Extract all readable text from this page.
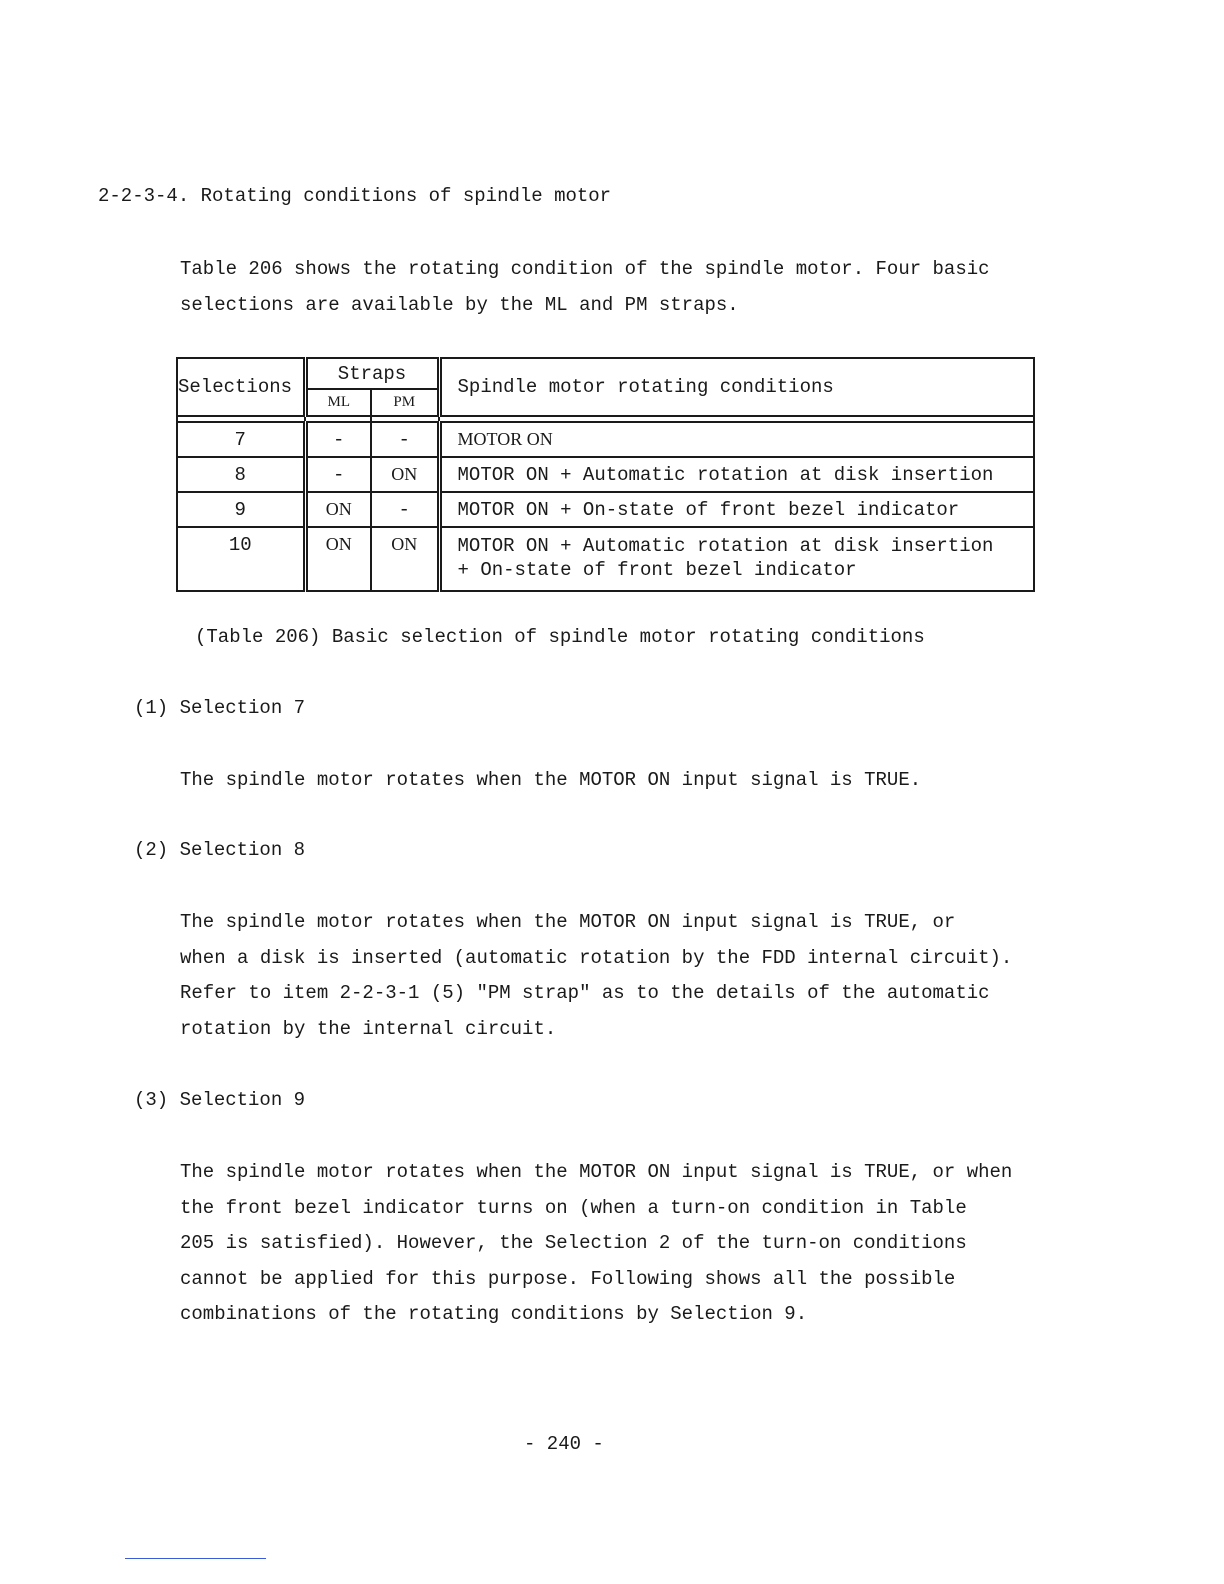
2-2-3-4. Rotating conditions of spindle motor
Table 206 shows the rotating condition of the spindle motor. Four basic
selections are available by the ML and PM straps.
Selections	Straps		Spindle motor rotating conditions
	ML	PM	

7	-	-	MOTOR ON
8	-	ON	MOTOR ON + Automatic rotation at disk insertion
9	ON	-	MOTOR ON + On-state of front bezel indicator
10	ON	ON	MOTOR ON + Automatic rotation at disk insertion
+ On-state of front bezel indicator
(Table 206) Basic selection of spindle motor rotating conditions
(1) Selection 7
The spindle motor rotates when the MOTOR ON input signal is TRUE.
(2) Selection 8
The spindle motor rotates when the MOTOR ON input signal is TRUE, or
when a disk is inserted (automatic rotation by the FDD internal circuit).
Refer to item 2-2-3-1 (5) "PM strap" as to the details of the automatic
rotation by the internal circuit.
(3) Selection 9
The spindle motor rotates when the MOTOR ON input signal is TRUE, or when
the front bezel indicator turns on (when a turn-on condition in Table
205 is satisfied). However, the Selection 2 of the turn-on conditions
cannot be applied for this purpose. Following shows all the possible
combinations of the rotating conditions by Selection 9.
- 240 -
